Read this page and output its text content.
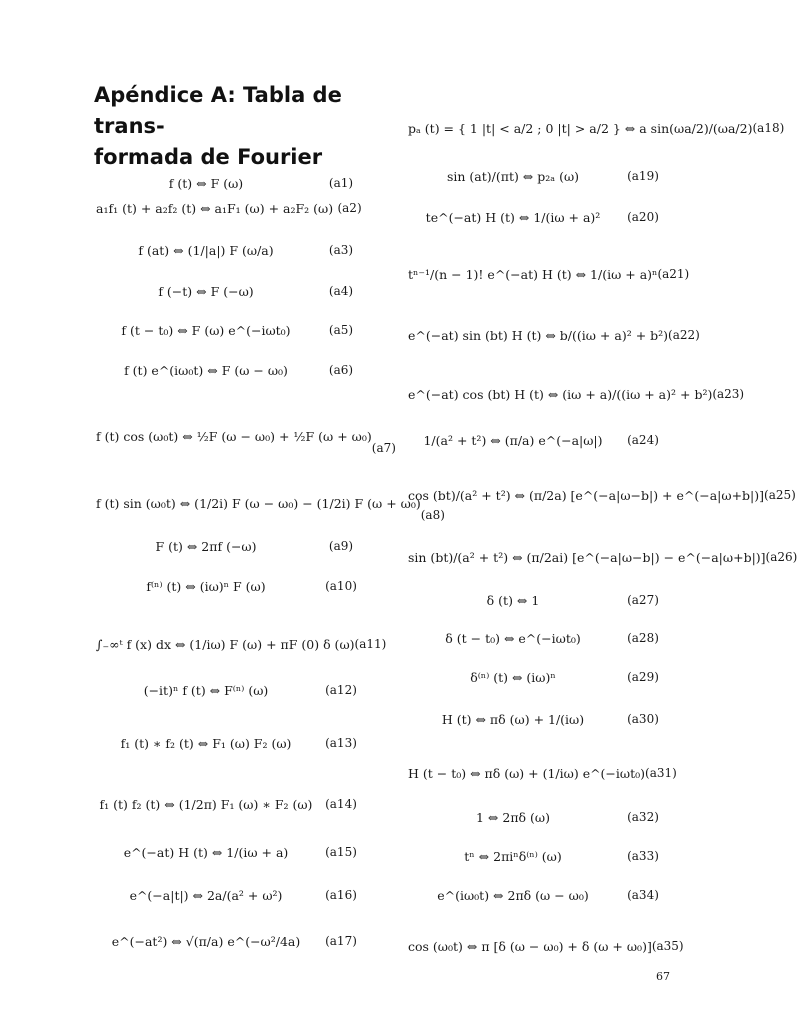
Apéndice A: Tabla de trans-
formada de Fourier
f (t) ⇔ F (ω)	(a1)
a₁f₁ (t) + a₂f₂ (t) ⇔ a₁F₁ (ω) + a₂F₂ (ω) (a2)
f (at) ⇔ (1/|a|) F (ω/a)	(a3)
f (−t) ⇔ F (−ω)	(a4)
f (t − t₀) ⇔ F (ω) e^(−iωt₀)	(a5)
f (t) e^(iω₀t) ⇔ F (ω − ω₀)	(a6)
f (t) cos (ω₀t) ⇔ ½F (ω − ω₀) + ½F (ω + ω₀)
(a7)
f (t) sin (ω₀t) ⇔ (1/2i) F (ω − ω₀) − (1/2i) F (ω + ω₀)
(a8)
F (t) ⇔ 2πf (−ω)	(a9)
f⁽ⁿ⁾ (t) ⇔ (iω)ⁿ F (ω)	(a10)
∫₋∞ᵗ f (x) dx ⇔ (1/iω) F (ω) + πF (0) δ (ω) (a11)
(−it)ⁿ f (t) ⇔ F⁽ⁿ⁾ (ω)	(a12)
f₁ (t) ∗ f₂ (t) ⇔ F₁ (ω) F₂ (ω)	(a13)
f₁ (t) f₂ (t) ⇔ (1/2π) F₁ (ω) ∗ F₂ (ω)	(a14)
e^(−at) H (t) ⇔ 1/(iω + a)	(a15)
e^(−a|t|) ⇔ 2a/(a² + ω²)	(a16)
e^(−at²) ⇔ √(π/a) e^(−ω²/4a)	(a17)
pₐ (t) = { 1 |t| < a/2 ; 0 |t| > a/2 } ⇔ a sin(ωa/2)/(ωa/2) (a18)
sin (at)/(πt) ⇔ p₂ₐ (ω)	(a19)
te^(−at) H (t) ⇔ 1/(iω + a)²	(a20)
tⁿ⁻¹/(n − 1)! e^(−at) H (t) ⇔ 1/(iω + a)ⁿ (a21)
e^(−at) sin (bt) H (t) ⇔ b/((iω + a)² + b²) (a22)
e^(−at) cos (bt) H (t) ⇔ (iω + a)/((iω + a)² + b²) (a23)
1/(a² + t²) ⇔ (π/a) e^(−a|ω|)	(a24)
cos (bt)/(a² + t²) ⇔ (π/2a) [e^(−a|ω−b|) + e^(−a|ω+b|)] (a25)
sin (bt)/(a² + t²) ⇔ (π/2ai) [e^(−a|ω−b|) − e^(−a|ω+b|)] (a26)
δ (t) ⇔ 1	(a27)
δ (t − t₀) ⇔ e^(−iωt₀)	(a28)
δ⁽ⁿ⁾ (t) ⇔ (iω)ⁿ	(a29)
H (t) ⇔ πδ (ω) + 1/(iω)	(a30)
H (t − t₀) ⇔ πδ (ω) + (1/iω) e^(−iωt₀) (a31)
1 ⇔ 2πδ (ω)	(a32)
tⁿ ⇔ 2πiⁿδ⁽ⁿ⁾ (ω)	(a33)
e^(iω₀t) ⇔ 2πδ (ω − ω₀)	(a34)
cos (ω₀t) ⇔ π [δ (ω − ω₀) + δ (ω + ω₀)] (a35)
67
